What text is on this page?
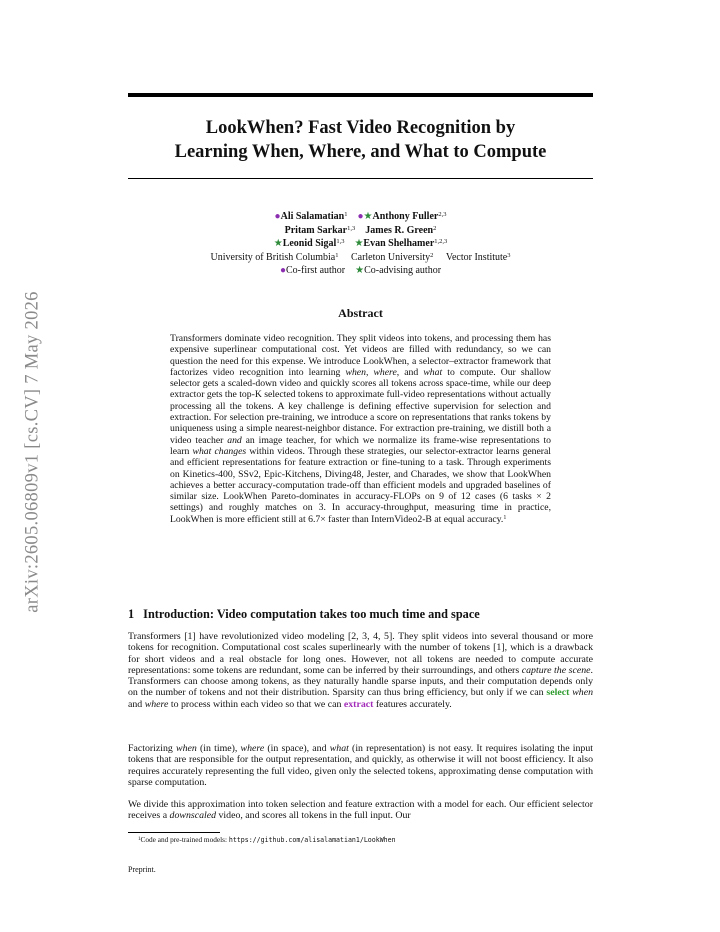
arXiv:2605.06809v1 [cs.CV] 7 May 2026
LookWhen? Fast Video Recognition by
Learning When, Where, and What to Compute
●Ali Salamatian$^1$ ●★Anthony Fuller$^{2,3}$
Pritam Sarkar$^{1,3}$ James R. Green$^2$
★Leonid Sigal$^{1,3}$ ★Evan Shelhamer$^{1,2,3}$
University of British Columbia$^1$ Carleton University$^2$ Vector Institute$^3$
●Co-first author ★Co-advising author
Abstract
Transformers dominate video recognition. They split videos into tokens, and processing them has expensive superlinear computational cost. Yet videos are filled with redundancy, so we can question the need for this expense. We introduce LookWhen, a selector–extractor framework that factorizes video recognition into learning when, where, and what to compute. Our shallow selector gets a scaled-down video and quickly scores all tokens across space-time, while our deep extractor gets the top-K selected tokens to approximate full-video representations without actually processing all the tokens. A key challenge is defining effective supervision for selection and extraction. For selection pre-training, we introduce a score on representations that ranks tokens by uniqueness using a simple nearest-neighbor distance. For extraction pre-training, we distill both a video teacher and an image teacher, for which we normalize its frame-wise representations to learn what changes within videos. Through these strategies, our selector-extractor learns general and efficient representations for feature extraction or fine-tuning to a task. Through experiments on Kinetics-400, SSv2, Epic-Kitchens, Diving48, Jester, and Charades, we show that LookWhen achieves a better accuracy-computation trade-off than efficient models and upgraded baselines of similar size. LookWhen Pareto-dominates in accuracy-FLOPs on 9 of 12 cases (6 tasks × 2 settings) and roughly matches on 3. In accuracy-throughput, measuring time in practice, LookWhen is more efficient still at 6.7× faster than InternVideo2-B at equal accuracy.$^1$
1 Introduction: Video computation takes too much time and space
Transformers [1] have revolutionized video modeling [2, 3, 4, 5]. They split videos into several thousand or more tokens for recognition. Computational cost scales superlinearly with the number of tokens [1], which is a drawback for short videos and a real obstacle for long ones. However, not all tokens are needed to compute accurate representations: some tokens are redundant, some can be inferred by their surroundings, and others capture the scene. Transformers can choose among tokens, as they naturally handle sparse inputs, and their computation depends only on the number of tokens and not their distribution. Sparsity can thus bring efficiency, but only if we can select when and where to process within each video so that we can extract features accurately.
Factorizing when (in time), where (in space), and what (in representation) is not easy. It requires isolating the input tokens that are responsible for the output representation, and quickly, as otherwise it will not boost efficiency. It also requires accurately representing the full video, given only the selected tokens, approximating dense computation with sparse computation.
We divide this approximation into token selection and feature extraction with a model for each. Our efficient selector receives a downscaled video, and scores all tokens in the full input. Our
$^1$Code and pre-trained models: https://github.com/alisalamatian1/LookWhen
Preprint.
